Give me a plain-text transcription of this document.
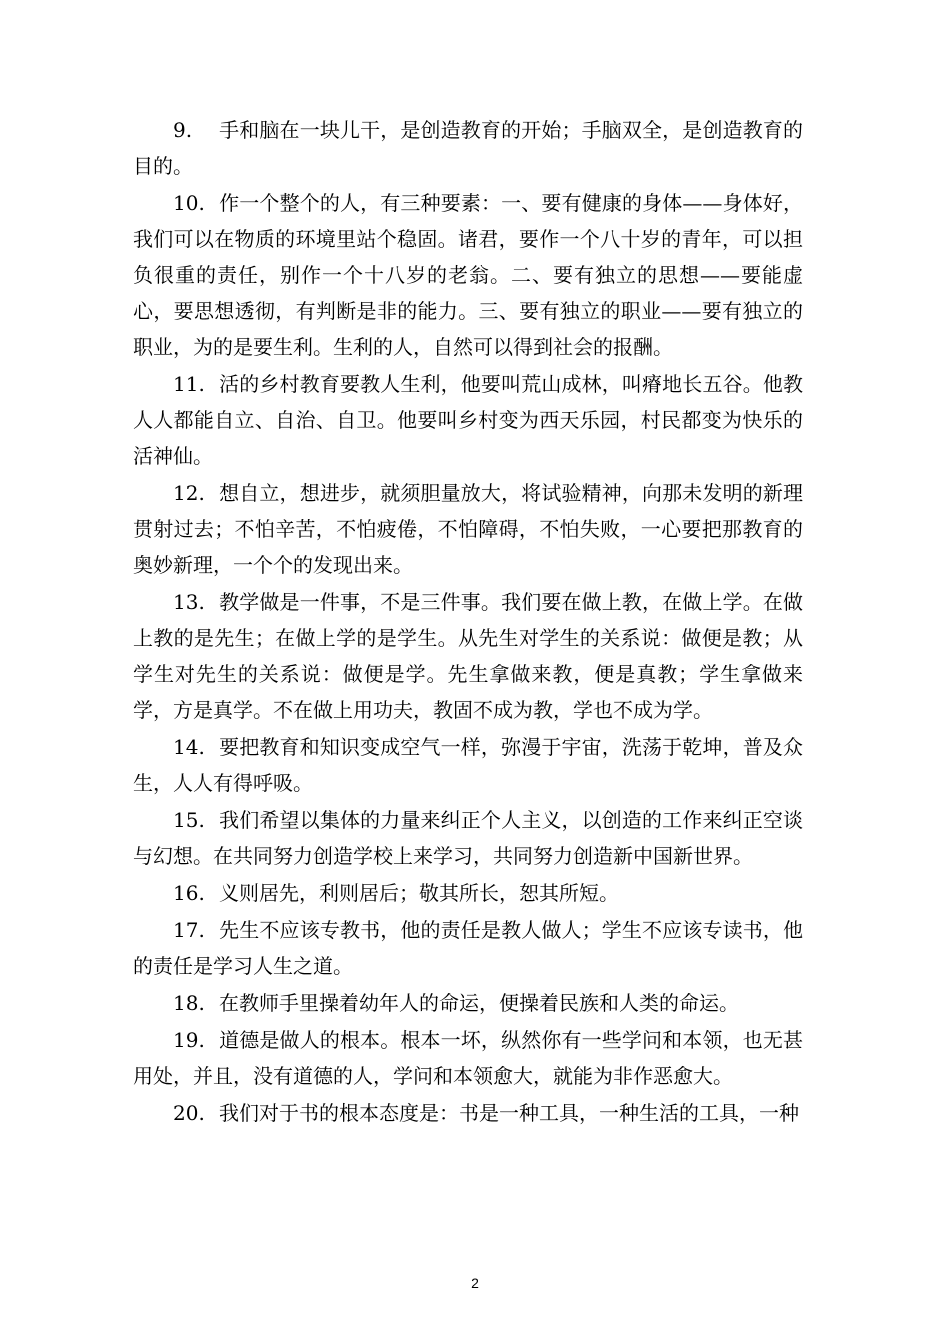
9. 手和脑在一块儿干，是创造教育的开始；手脑双全，是创造教育的目的。

10. 作一个整个的人，有三种要素：一、要有健康的身体——身体好，我们可以在物质的环境里站个稳固。诸君，要作一个八十岁的青年，可以担负很重的责任，别作一个十八岁的老翁。二、要有独立的思想——要能虚心，要思想透彻，有判断是非的能力。三、要有独立的职业——要有独立的职业，为的是要生利。生利的人，自然可以得到社会的报酬。

11. 活的乡村教育要教人生利，他要叫荒山成林，叫瘠地长五谷。他教人人都能自立、自治、自卫。他要叫乡村变为西天乐园，村民都变为快乐的活神仙。

12. 想自立，想进步，就须胆量放大，将试验精神，向那未发明的新理贯射过去；不怕辛苦，不怕疲倦，不怕障碍，不怕失败，一心要把那教育的奥妙新理，一个个的发现出来。

13. 教学做是一件事，不是三件事。我们要在做上教，在做上学。在做上教的是先生；在做上学的是学生。从先生对学生的关系说：做便是教；从学生对先生的关系说：做便是学。先生拿做来教，便是真教；学生拿做来学，方是真学。不在做上用功夫，教固不成为教，学也不成为学。

14. 要把教育和知识变成空气一样，弥漫于宇宙，洗荡于乾坤，普及众生，人人有得呼吸。

15. 我们希望以集体的力量来纠正个人主义，以创造的工作来纠正空谈与幻想。在共同努力创造学校上来学习，共同努力创造新中国新世界。

16. 义则居先，利则居后；敬其所长，恕其所短。

17. 先生不应该专教书，他的责任是教人做人；学生不应该专读书，他的责任是学习人生之道。

18. 在教师手里操着幼年人的命运，便操着民族和人类的命运。

19. 道德是做人的根本。根本一坏，纵然你有一些学问和本领，也无甚用处，并且，没有道德的人，学问和本领愈大，就能为非作恶愈大。

20. 我们对于书的根本态度是：书是一种工具，一种生活的工具，一种

2
